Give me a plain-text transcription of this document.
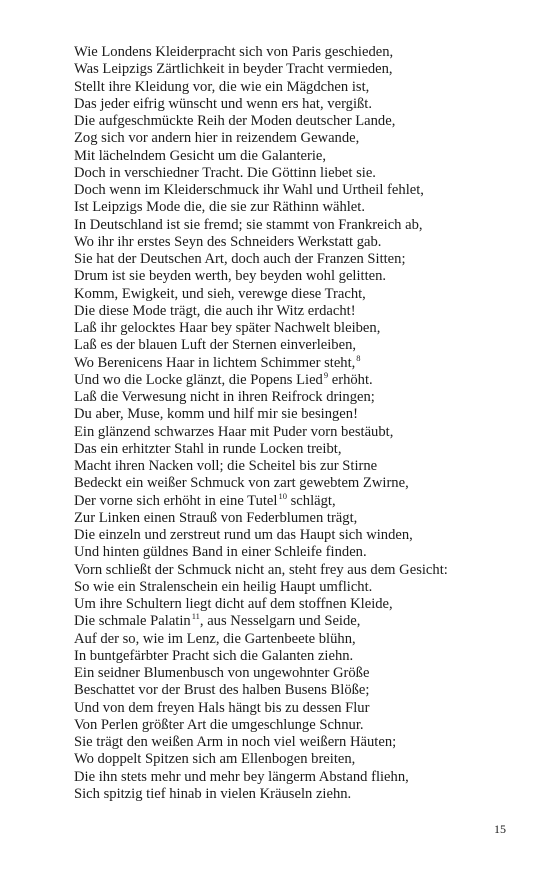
Wie Londens Kleiderpracht sich von Paris geschieden,
Was Leipzigs Zärtlichkeit in beyder Tracht vermieden,
Stellt ihre Kleidung vor, die wie ein Mägdchen ist,
Das jeder eifrig wünscht und wenn ers hat, vergißt.
Die aufgeschmückte Reih der Moden deutscher Lande,
Zog sich vor andern hier in reizendem Gewande,
Mit lächelndem Gesicht um die Galanterie,
Doch in verschiedner Tracht. Die Göttinn liebet sie.
Doch wenn im Kleiderschmuck ihr Wahl und Urtheil fehlet,
Ist Leipzigs Mode die, die sie zur Räthinn wählet.
In Deutschland ist sie fremd; sie stammt von Frankreich ab,
Wo ihr ihr erstes Seyn des Schneiders Werkstatt gab.
Sie hat der Deutschen Art, doch auch der Franzen Sitten;
Drum ist sie beyden werth, bey beyden wohl gelitten.
Komm, Ewigkeit, und sieh, verewge diese Tracht,
Die diese Mode trägt, die auch ihr Witz erdacht!
Laß ihr gelocktes Haar bey später Nachwelt bleiben,
Laß es der blauen Luft der Sternen einverleiben,
Wo Berenicens Haar in lichtem Schimmer steht,$^8$
Und wo die Locke glänzt, die Popens Lied$^9$ erhöht.
Laß die Verwesung nicht in ihren Reifrock dringen;
Du aber, Muse, komm und hilf mir sie besingen!
Ein glänzend schwarzes Haar mit Puder vorn bestäubt,
Das ein erhitzter Stahl in runde Locken treibt,
Macht ihren Nacken voll; die Scheitel bis zur Stirne
Bedeckt ein weißer Schmuck von zart gewebtem Zwirne,
Der vorne sich erhöht in eine Tutel$^{10}$ schlägt,
Zur Linken einen Strauß von Federblumen trägt,
Die einzeln und zerstreut rund um das Haupt sich winden,
Und hinten güldnes Band in einer Schleife finden.
Vorn schließt der Schmuck nicht an, steht frey aus dem Gesicht:
So wie ein Stralenschein ein heilig Haupt umflicht.
Um ihre Schultern liegt dicht auf dem stoffnen Kleide,
Die schmale Palatin$^{11}$, aus Nesselgarn und Seide,
Auf der so, wie im Lenz, die Gartenbeete blühn,
In buntgefärbter Pracht sich die Galanten ziehn.
Ein seidner Blumenbusch von ungewohnter Größe
Beschattet vor der Brust des halben Busens Blöße;
Und von dem freyen Hals hängt bis zu dessen Flur
Von Perlen größter Art die umgeschlunge Schnur.
Sie trägt den weißen Arm in noch viel weißern Häuten;
Wo doppelt Spitzen sich am Ellenbogen breiten,
Die ihn stets mehr und mehr bey längerm Abstand fliehn,
Sich spitzig tief hinab in vielen Kräuseln ziehn.
15
